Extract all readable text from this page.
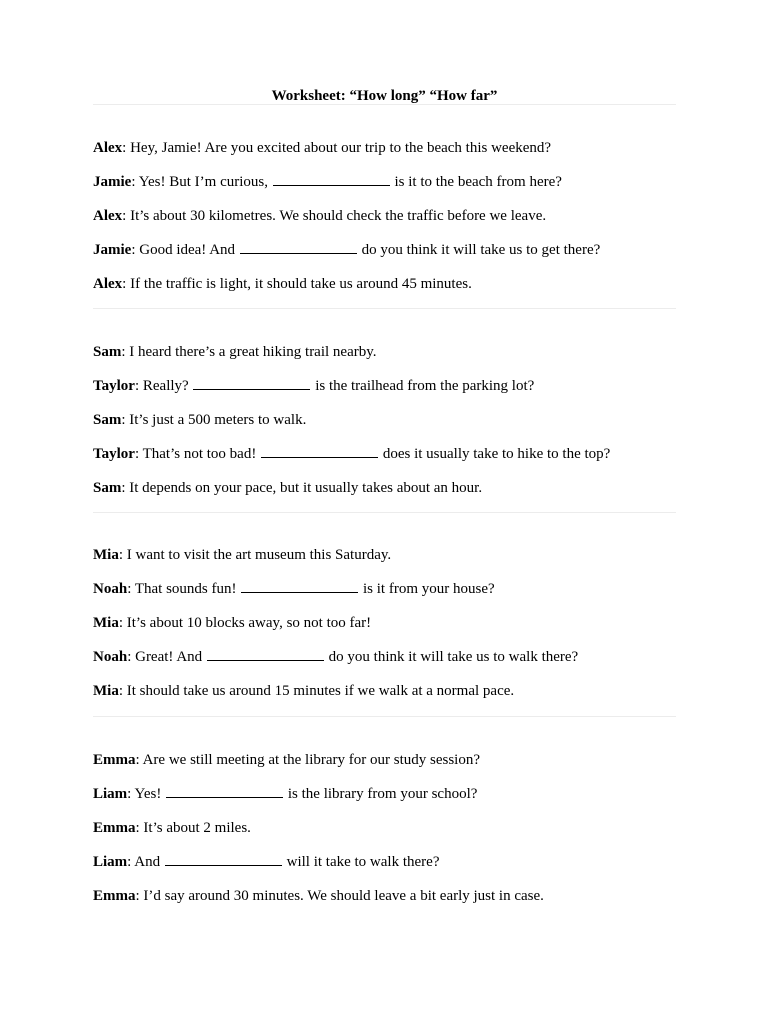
Worksheet: “How long” “How far”
Alex: Hey, Jamie! Are you excited about our trip to the beach this weekend?
Jamie: Yes! But I’m curious,	is it to the beach from here?
Alex: It’s about 30 kilometres. We should check the traffic before we leave.
Jamie: Good idea! And	do you think it will take us to get there?
Alex: If the traffic is light, it should take us around 45 minutes.
Sam: I heard there’s a great hiking trail nearby.
Taylor: Really?	is the trailhead from the parking lot?
Sam: It’s just a 500 meters to walk.
Taylor: That’s not too bad!	does it usually take to hike to the top?
Sam: It depends on your pace, but it usually takes about an hour.
Mia: I want to visit the art museum this Saturday.
Noah: That sounds fun!	is it from your house?
Mia: It’s about 10 blocks away, so not too far!
Noah: Great! And	do you think it will take us to walk there?
Mia: It should take us around 15 minutes if we walk at a normal pace.
Emma: Are we still meeting at the library for our study session?
Liam: Yes!	is the library from your school?
Emma: It’s about 2 miles.
Liam: And	will it take to walk there?
Emma: I’d say around 30 minutes. We should leave a bit early just in case.
